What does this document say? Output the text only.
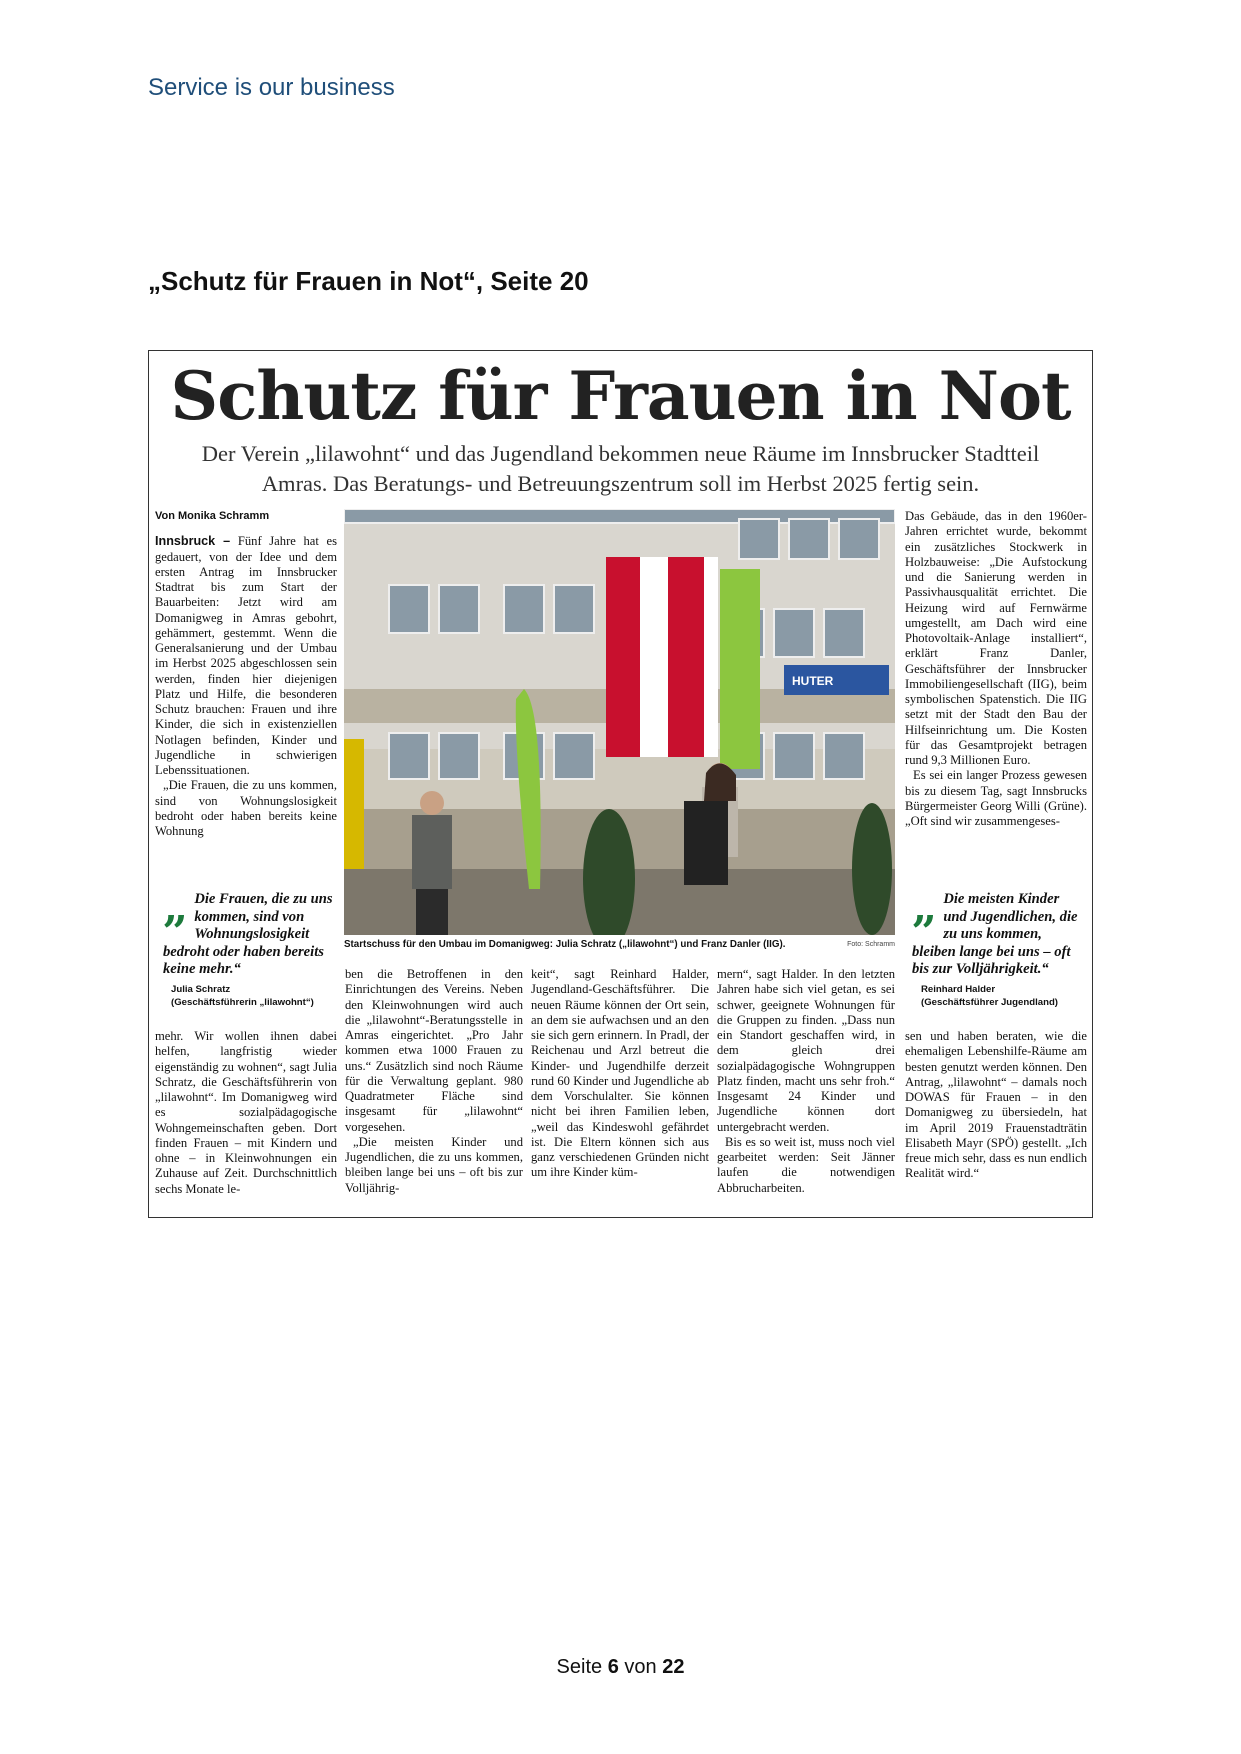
Service is our business
„Schutz für Frauen in Not“, Seite 20
Schutz für Frauen in Not
Der Verein „lilawohnt“ und das Jugendland bekommen neue Räume im Innsbrucker Stadtteil Amras. Das Beratungs- und Betreuungszentrum soll im Herbst 2025 fertig sein.
Von Monika Schramm

Innsbruck – Fünf Jahre hat es gedauert, von der Idee und dem ersten Antrag im Innsbrucker Stadtrat bis zum Start der Bauarbeiten: Jetzt wird am Domanigweg in Amras gebohrt, gehämmert, gestemmt. Wenn die Generalsanierung und der Umbau im Herbst 2025 abgeschlossen sein werden, finden hier diejenigen Platz und Hilfe, die besonderen Schutz brauchen: Frauen und ihre Kinder, die sich in existenziellen Notlagen befinden, Kinder und Jugendliche in schwierigen Lebenssituationen.

„Die Frauen, die zu uns kommen, sind von Wohnungslosigkeit bedroht oder haben bereits keine Wohnung

„ Die Frauen, die zu uns kommen, sind von Wohnungslosigkeit bedroht oder haben bereits keine mehr.“
Julia Schratz
(Geschäftsführerin „lilawohnt“)
HUTER
Foto: Schramm
Startschuss für den Umbau im Domanigweg: Julia Schratz („lilawohnt“) und Franz Danler (IIG).

Das Gebäude, das in den 1960er-Jahren errichtet wurde, bekommt ein zusätzliches Stockwerk in Holzbauweise: „Die Aufstockung und die Sanierung werden in Passivhausqualität errichtet. Die Heizung wird auf Fernwärme umgestellt, am Dach wird eine Photovoltaik-Anlage installiert“, erklärt Franz Danler, Geschäftsführer der Innsbrucker Immobiliengesellschaft (IIG), beim symbolischen Spatenstich. Die IIG setzt mit der Stadt den Bau der Hilfseinrichtung um. Die Kosten für das Gesamtprojekt betragen rund 9,3 Millionen Euro.

Es sei ein langer Prozess gewesen bis zu diesem Tag, sagt Innsbrucks Bürgermeister Georg Willi (Grüne). „Oft sind wir zusammengeses-

„ Die meisten Kinder und Jugendlichen, die zu uns kommen, bleiben lange bei uns – oft bis zur Volljährigkeit.“
Reinhard Halder
(Geschäftsführer Jugendland)

mehr. Wir wollen ihnen dabei helfen, langfristig wieder eigenständig zu wohnen“, sagt Julia Schratz, die Geschäftsführerin von „lilawohnt“. Im Domanigweg wird es sozialpädagogische Wohngemeinschaften geben. Dort finden Frauen – mit Kindern und ohne – in Kleinwohnungen ein Zuhause auf Zeit. Durchschnittlich sechs Monate le-

ben die Betroffenen in den Einrichtungen des Vereins. Neben den Kleinwohnungen wird auch die „lilawohnt“-Beratungsstelle in Amras eingerichtet. „Pro Jahr kommen etwa 1000 Frauen zu uns.“ Zusätzlich sind noch Räume für die Verwaltung geplant. 980 Quadratmeter Fläche sind insgesamt für „lilawohnt“ vorgesehen.

„Die meisten Kinder und Jugendlichen, die zu uns kommen, bleiben lange bei uns – oft bis zur Volljährig-

keit“, sagt Reinhard Halder, Jugendland-Geschäftsführer. Die neuen Räume können der Ort sein, an dem sie aufwachsen und an den sie sich gern erinnern. In Pradl, der Reichenau und Arzl betreut die Kinder- und Jugendhilfe derzeit rund 60 Kinder und Jugendliche ab dem Vorschulalter. Sie können nicht bei ihren Familien leben, „weil das Kindeswohl gefährdet ist. Die Eltern können sich aus ganz verschiedenen Gründen nicht um ihre Kinder küm-

mern“, sagt Halder. In den letzten Jahren habe sich viel getan, es sei schwer, geeignete Wohnungen für die Gruppen zu finden. „Dass nun ein Standort geschaffen wird, in dem gleich drei sozialpädagogische Wohngruppen Platz finden, macht uns sehr froh.“ Insgesamt 24 Kinder und Jugendliche können dort untergebracht werden.

Bis es so weit ist, muss noch viel gearbeitet werden: Seit Jänner laufen die notwendigen Abbrucharbeiten.

sen und haben beraten, wie die ehemaligen Lebenshilfe-Räume am besten genutzt werden können. Den Antrag, „lilawohnt“ – damals noch DOWAS für Frauen – in den Domanigweg zu übersiedeln, hat im April 2019 Frauenstadträtin Elisabeth Mayr (SPÖ) gestellt. „Ich freue mich sehr, dass es nun endlich Realität wird.“

Seite 6 von 22
